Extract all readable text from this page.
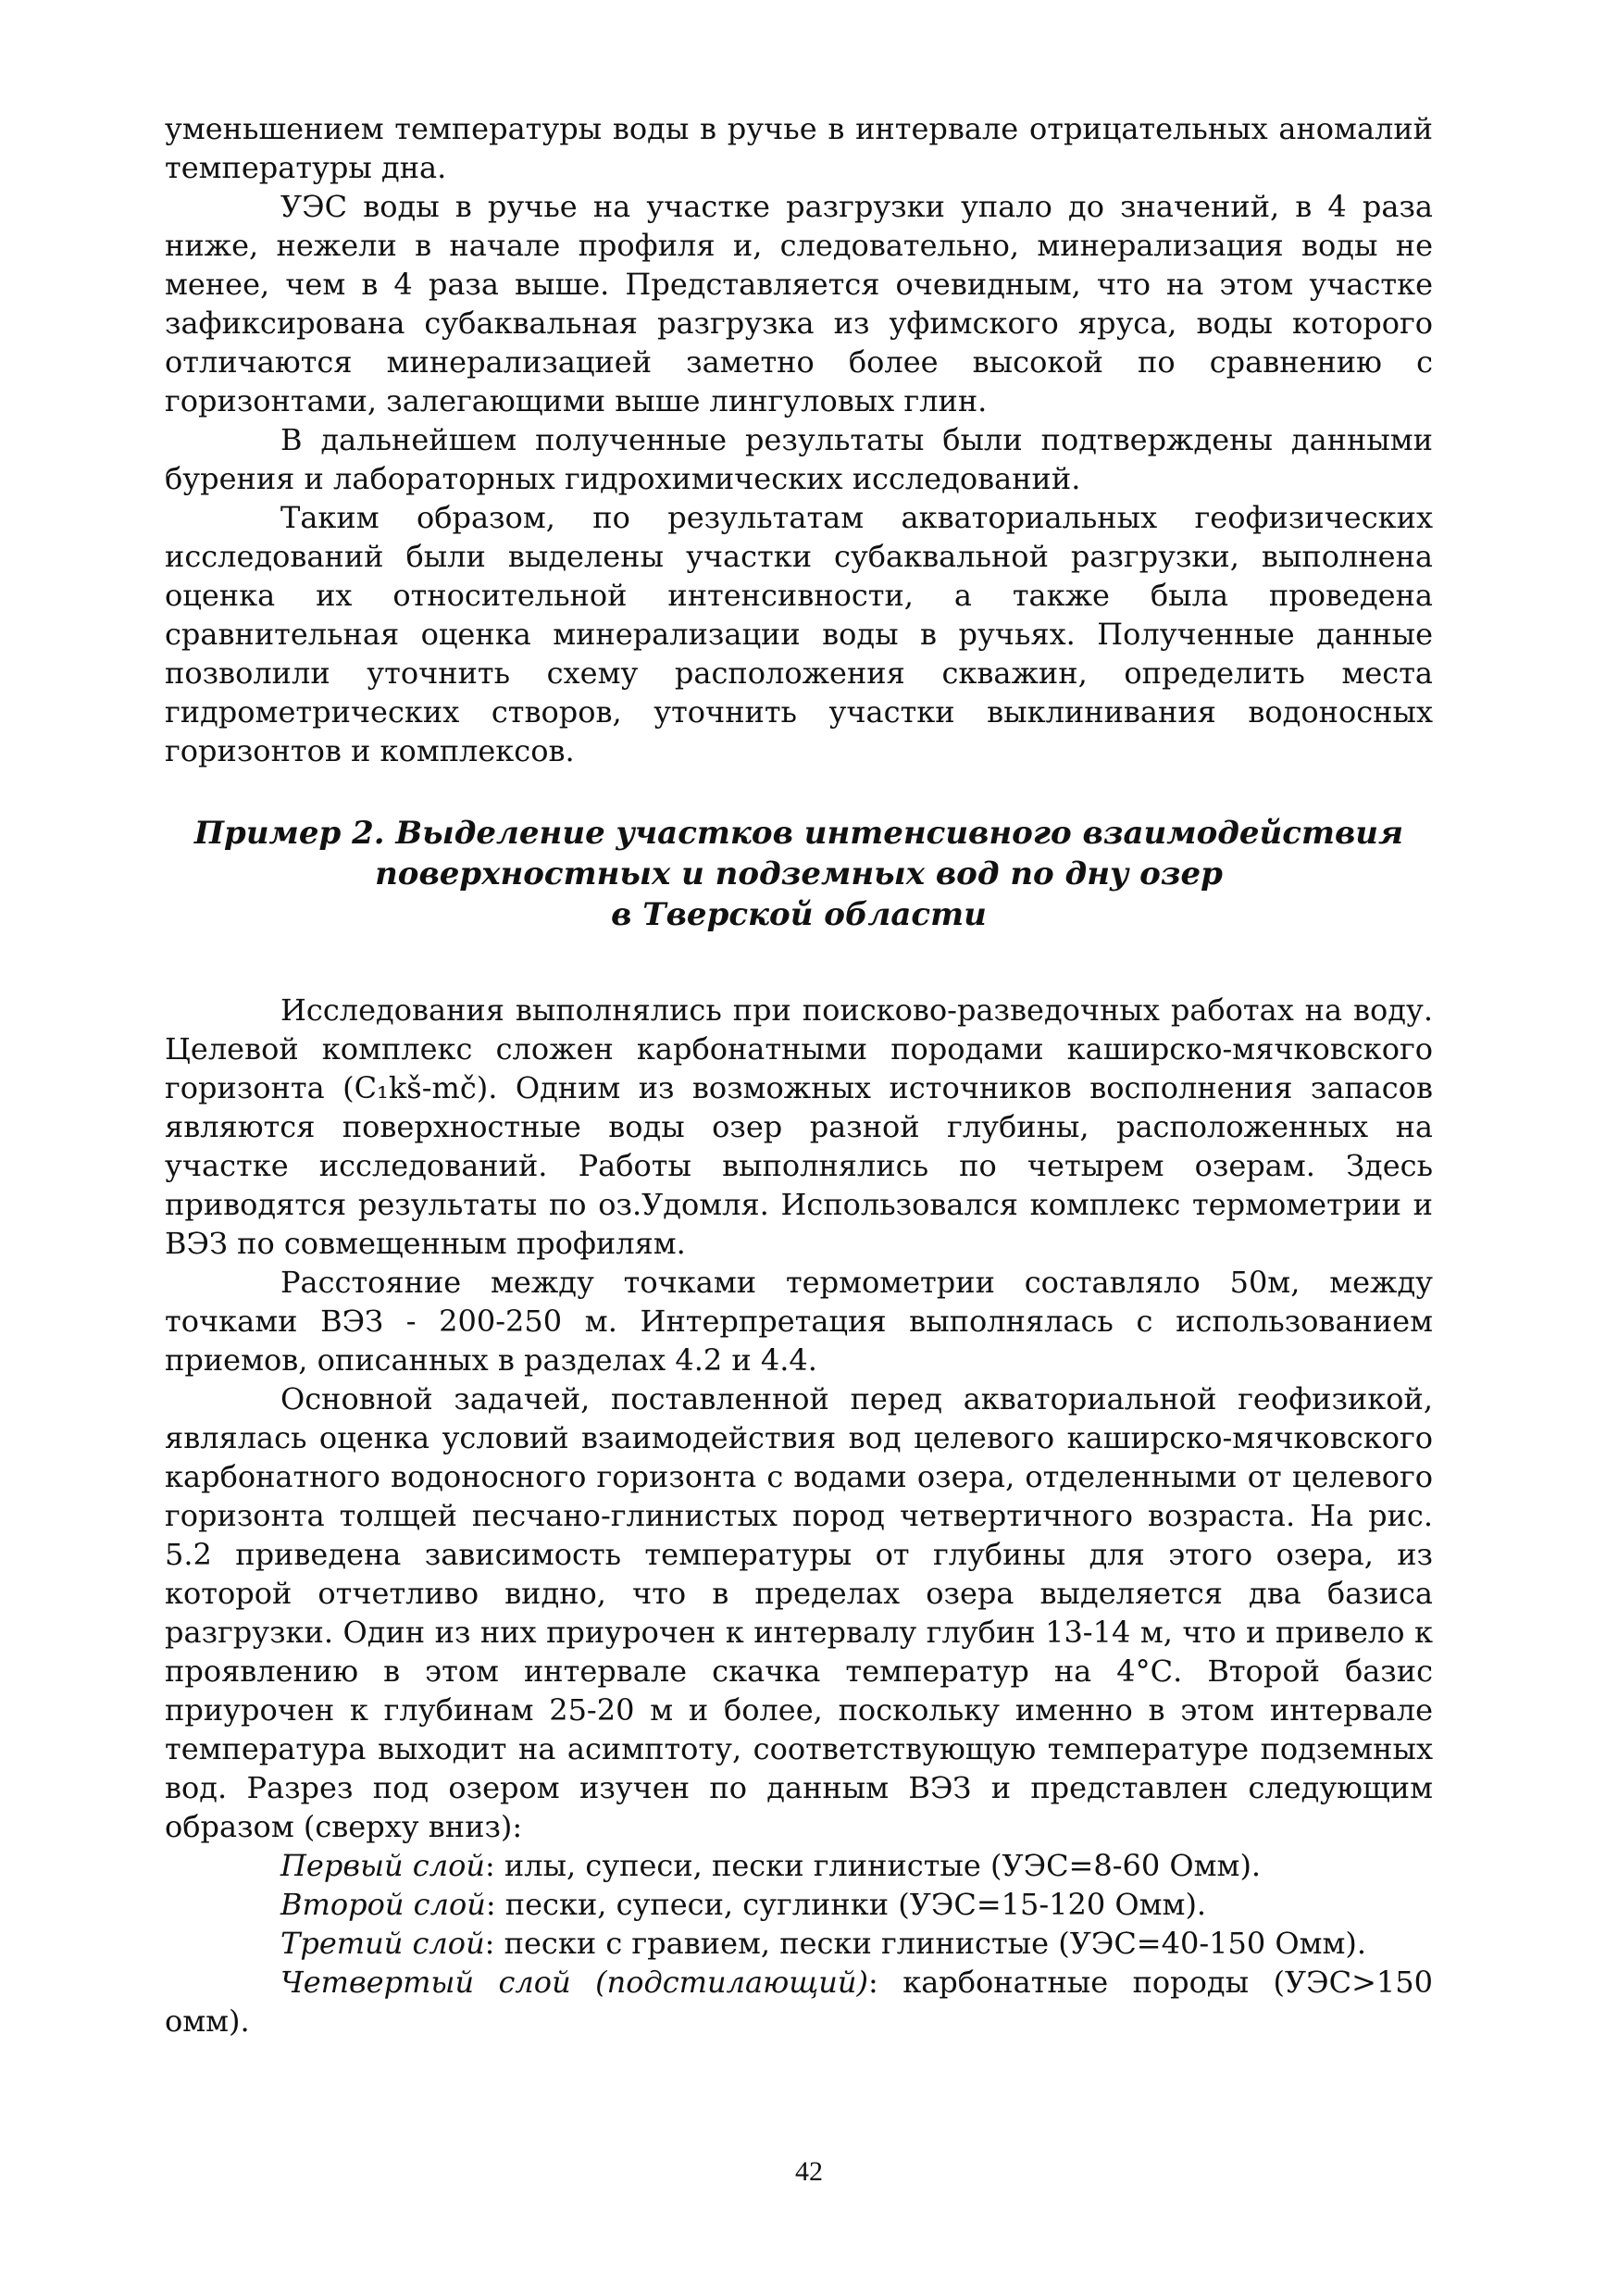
уменьшением температуры воды в ручье в интервале отрицательных аномалий температуры дна.

УЭС воды в ручье на участке разгрузки упало до значений, в 4 раза ниже, нежели в начале профиля и, следовательно, минерализация воды не менее, чем в 4 раза выше. Представляется очевидным, что на этом участке зафиксирована субаквальная разгрузка из уфимского яруса, воды которого отличаются минерализацией заметно более высокой по сравнению с горизонтами, залегающими выше лингуловых глин.

В дальнейшем полученные результаты были подтверждены данными бурения и лабораторных гидрохимических исследований.

Таким образом, по результатам акваториальных геофизических исследований были выделены участки субаквальной разгрузки, выполнена оценка их относительной интенсивности, а также была проведена сравнительная оценка минерализации воды в ручьях. Полученные данные позволили уточнить схему расположения скважин, определить места гидрометрических створов, уточнить участки выклинивания водоносных горизонтов и комплексов.

Пример 2. Выделение участков интенсивного взаимодействия
поверхностных и подземных вод по дну озер
в Тверской области

Исследования выполнялись при поисково-разведочных работах на воду. Целевой комплекс сложен карбонатными породами каширско-мячковского горизонта (C₁kš-mč). Одним из возможных источников восполнения запасов являются поверхностные воды озер разной глубины, расположенных на участке исследований. Работы выполнялись по четырем озерам. Здесь приводятся результаты по оз.Удомля. Использовался комплекс термометрии и ВЭЗ по совмещенным профилям.

Расстояние между точками термометрии составляло 50м, между точками ВЭЗ - 200-250 м. Интерпретация выполнялась с использованием приемов, описанных в разделах 4.2 и 4.4.

Основной задачей, поставленной перед акваториальной геофизикой, являлась оценка условий взаимодействия вод целевого каширско-мячковского карбонатного водоносного горизонта с водами озера, отделенными от целевого горизонта толщей песчано-глинистых пород четвертичного возраста. На рис. 5.2 приведена зависимость температуры от глубины для этого озера, из которой отчетливо видно, что в пределах озера выделяется два базиса разгрузки. Один из них приурочен к интервалу глубин 13-14 м, что и привело к проявлению в этом интервале скачка температур на 4°С. Второй базис приурочен к глубинам 25-20 м и более, поскольку именно в этом интервале температура выходит на асимптоту, соответствующую температуре подземных вод. Разрез под озером изучен по данным ВЭЗ и представлен следующим образом (сверху вниз):

Первый слой: илы, супеси, пески глинистые (УЭС=8-60 Омм).

Второй слой: пески, супеси, суглинки (УЭС=15-120 Омм).

Третий слой: пески с гравием, пески глинистые (УЭС=40-150 Омм).

Четвертый слой (подстилающий): карбонатные породы (УЭС>150 омм).

42
